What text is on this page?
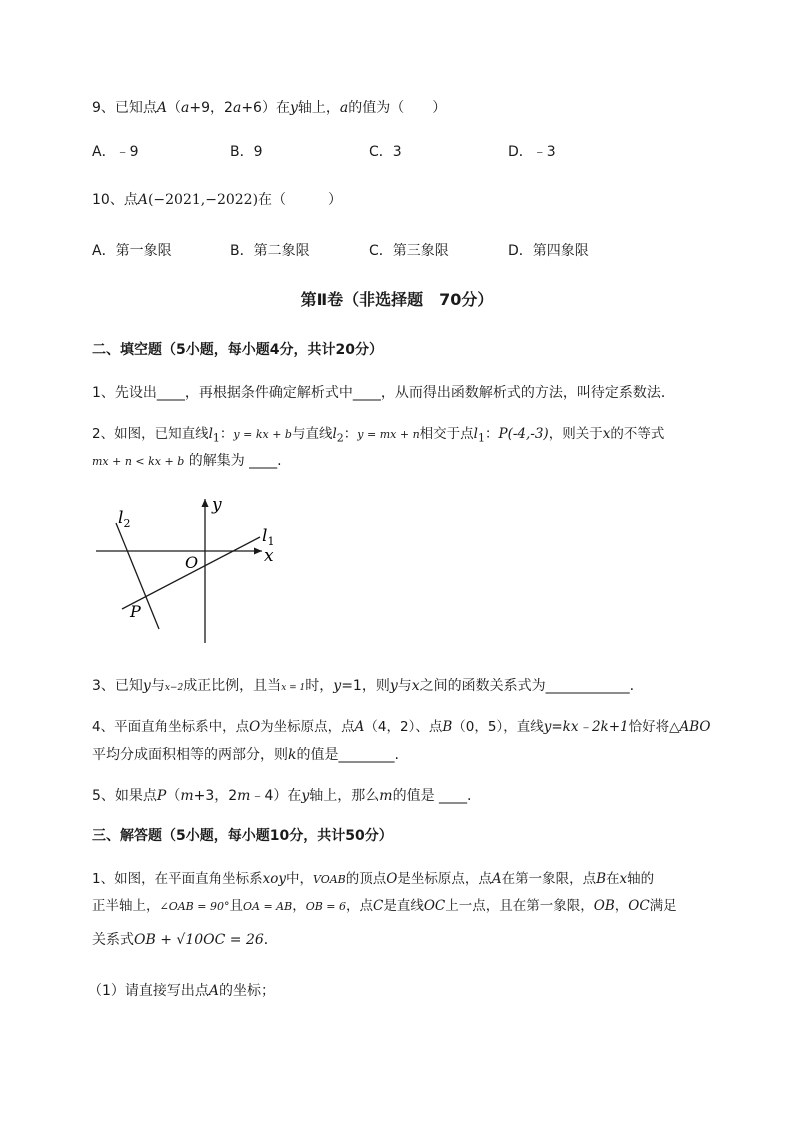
9、已知点A（a+9，2a+6）在y轴上，a的值为（　　）
A．﹣9	B．9	C．3	D．﹣3
10、点A(−2021,−2022)在（　　　）
A．第一象限	B．第二象限	C．第三象限	D．第四象限
第Ⅱ卷（非选择题　70分）
二、填空题（5小题，每小题4分，共计20分）
1、先设出____，再根据条件确定解析式中____，从而得出函数解析式的方法，叫待定系数法．
2、如图，已知直线$l_1$：y = kx + b与直线$l_2$：y = mx + n相交于点$l_1$：P(-4,-3)，则关于x的不等式
mx + n < kx + b 的解集为 ____.
y
x
O
P
$l_1$
$l_2$
3、已知y与x−2成正比例，且当x = 1时，y=1，则y与x之间的函数关系式为____________.
4、平面直角坐标系中，点O为坐标原点，点A（4，2）、点B（0，5），直线y=kx﹣2k+1恰好将△ABO
平均分成面积相等的两部分，则k的值是________.
5、如果点P（m+3，2m﹣4）在y轴上，那么m的值是 ____.
三、解答题（5小题，每小题10分，共计50分）
1、如图，在平面直角坐标系xoy中，VOAB的顶点O是坐标原点，点A在第一象限，点B在x轴的
正半轴上，∠OAB = 90°且OA = AB，OB = 6，点C是直线OC上一点，且在第一象限，OB，OC满足
关系式OB + √10OC = 26．
（1）请直接写出点A的坐标；
